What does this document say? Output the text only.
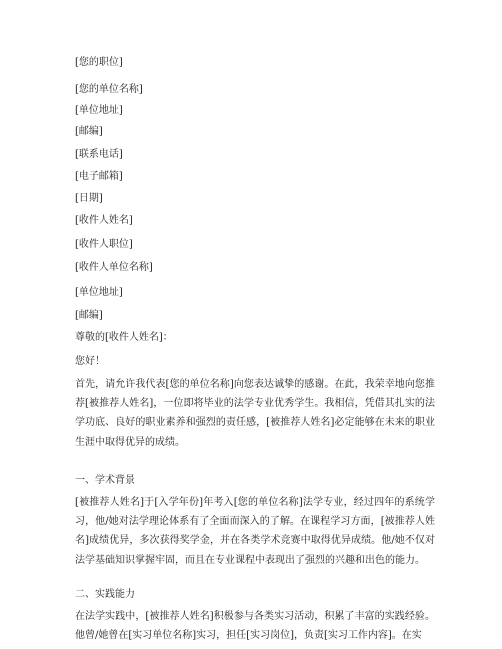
[您的职位]
[您的单位名称]
[单位地址]
[邮编]
[联系电话]
[电子邮箱]
[日期]
[收件人姓名]
[收件人职位]
[收件人单位名称]
[单位地址]
[邮编]
尊敬的[收件人姓名]：
您好！

首先，请允许我代表[您的单位名称]向您表达诚挚的感谢。在此，我荣幸地向您推荐[被推荐人姓名]，一位即将毕业的法学专业优秀学生。我相信，凭借其扎实的法学功底、良好的职业素养和强烈的责任感，[被推荐人姓名]必定能够在未来的职业生涯中取得优异的成绩。

一、学术背景

[被推荐人姓名]于[入学年份]年考入[您的单位名称]法学专业，经过四年的系统学习，他/她对法学理论体系有了全面而深入的了解。在课程学习方面，[被推荐人姓名]成绩优异，多次获得奖学金，并在各类学术竞赛中取得优异成绩。他/她不仅对法学基础知识掌握牢固，而且在专业课程中表现出了强烈的兴趣和出色的能力。

二、实践能力

在法学实践中，[被推荐人姓名]积极参与各类实习活动，积累了丰富的实践经验。他曾/她曾在[实习单位名称]实习，担任[实习岗位]，负责[实习工作内容]。在实
